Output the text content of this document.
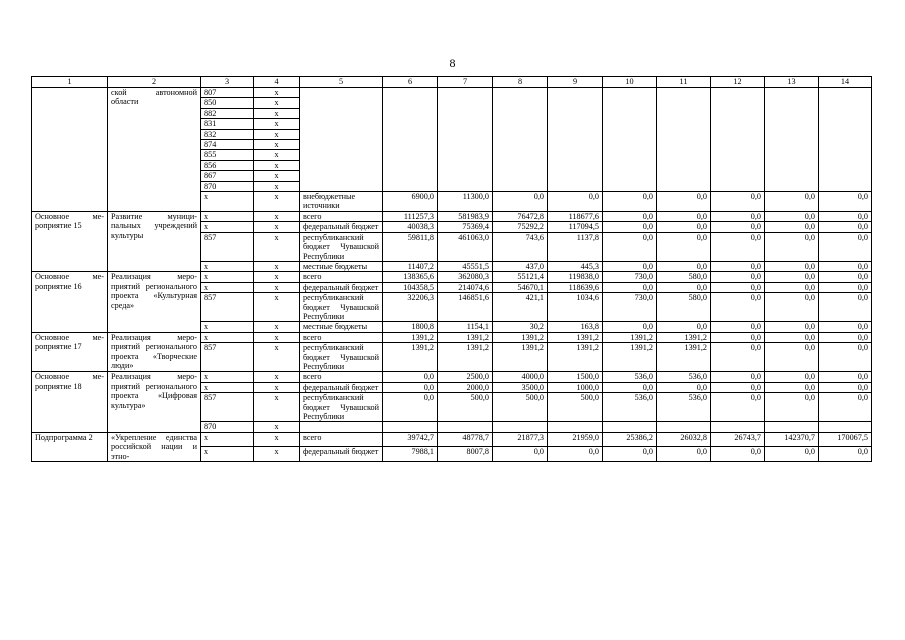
8
1	2	3	4	5	6	7	8	9	10	11	12	13	14
	ской автономной области	807	x										
		850	x										
		882	x										
		831	x										
		832	x										
		874	x										
		855	x										
		856	x										
		867	x										
		870	x										
		x	x	внебюджетные источники	6900,0	11300,0	0,0	0,0	0,0	0,0	0,0	0,0	0,0
Основное мероприятие 15	Развитие муниципальных учреждений культуры	x	x	всего	111257,3	581983,9	76472,8	118677,6	0,0	0,0	0,0	0,0	0,0
		x	x	федеральный бюджет	40038,3	75369,4	75292,2	117094,5	0,0	0,0	0,0	0,0	0,0
		857	x	республиканский бюджет Чувашской Республики	59811,8	461063,0	743,6	1137,8	0,0	0,0	0,0	0,0	0,0
		x	x	местные бюджеты	11407,2	45551,5	437,0	445,3	0,0	0,0	0,0	0,0	0,0
Основное мероприятие 16	Реализация мероприятий регионального проекта «Культурная среда»	x	x	всего	138365,6	362080,3	55121,4	119838,0	730,0	580,0	0,0	0,0	0,0
		x	x	федеральный бюджет	104358,5	214074,6	54670,1	118639,6	0,0	0,0	0,0	0,0	0,0
		857	x	республиканский бюджет Чувашской Республики	32206,3	146851,6	421,1	1034,6	730,0	580,0	0,0	0,0	0,0
		x	x	местные бюджеты	1800,8	1154,1	30,2	163,8	0,0	0,0	0,0	0,0	0,0
Основное мероприятие 17	Реализация мероприятий регионального проекта «Творческие люди»	x	x	всего	1391,2	1391,2	1391,2	1391,2	1391,2	1391,2	0,0	0,0	0,0
		857	x	республиканский бюджет Чувашской Республики	1391,2	1391,2	1391,2	1391,2	1391,2	1391,2	0,0	0,0	0,0
Основное мероприятие 18	Реализация мероприятий регионального проекта «Цифровая культура»	x	x	всего	0,0	2500,0	4000,0	1500,0	536,0	536,0	0,0	0,0	0,0
		x	x	федеральный бюджет	0,0	2000,0	3500,0	1000,0	0,0	0,0	0,0	0,0	0,0
		857	x	республиканский бюджет Чувашской Республики	0,0	500,0	500,0	500,0	536,0	536,0	0,0	0,0	0,0
		870	x										
Подпрограмма 2	«Укрепление единства российской нации и этно-	x	x	всего	39742,7	48778,7	21877,3	21959,0	25386,2	26032,8	26743,7	142370,7	170067,5
		x	x	федеральный бюджет	7988,1	8007,8	0,0	0,0	0,0	0,0	0,0	0,0	0,0
